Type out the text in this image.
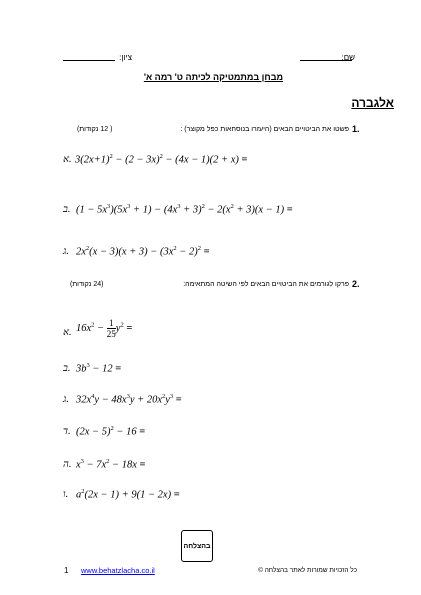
שם:
ציון:
מבחן במתמטיקה לכיתה ט' רמה א'
אלגברה
1.
פשטו את הביטויים הבאים (היעזרו בנוסחאות כפל מקוצר) :
( 12 נקודות)
א. $3(2x+1)^2 - (2 - 3x)^2 - (4x - 1)(2 + x)$ =
ב. $(1 - 5x^3)(5x^3 + 1) - (4x^3 + 3)^2 - 2(x^2 + 3)(x - 1)$ =
ג. $2x^2(x - 3)(x + 3) - (3x^2 - 2)^2$ =
2.
פרקו לגורמים את הביטויים הבאים לפי השיטה המתאימה:
(24 נקודות)
א. $16x^2 - \frac{1}{25} y^2$ =
ב. $3b^3 - 12$ =
ג. $32x^4y - 48x^3y + 20x^2y^3$ =
ד. $(2x - 5)^2 - 16$ =
ה. $x^3 - 7x^2 - 18x$ =
ו. $a^2(2x - 1) + 9(1 - 2x)$ =
בהצלחה
1 www.behatzlacha.co.il	כל הזכויות שמורות לאתר בהצלחה ©
